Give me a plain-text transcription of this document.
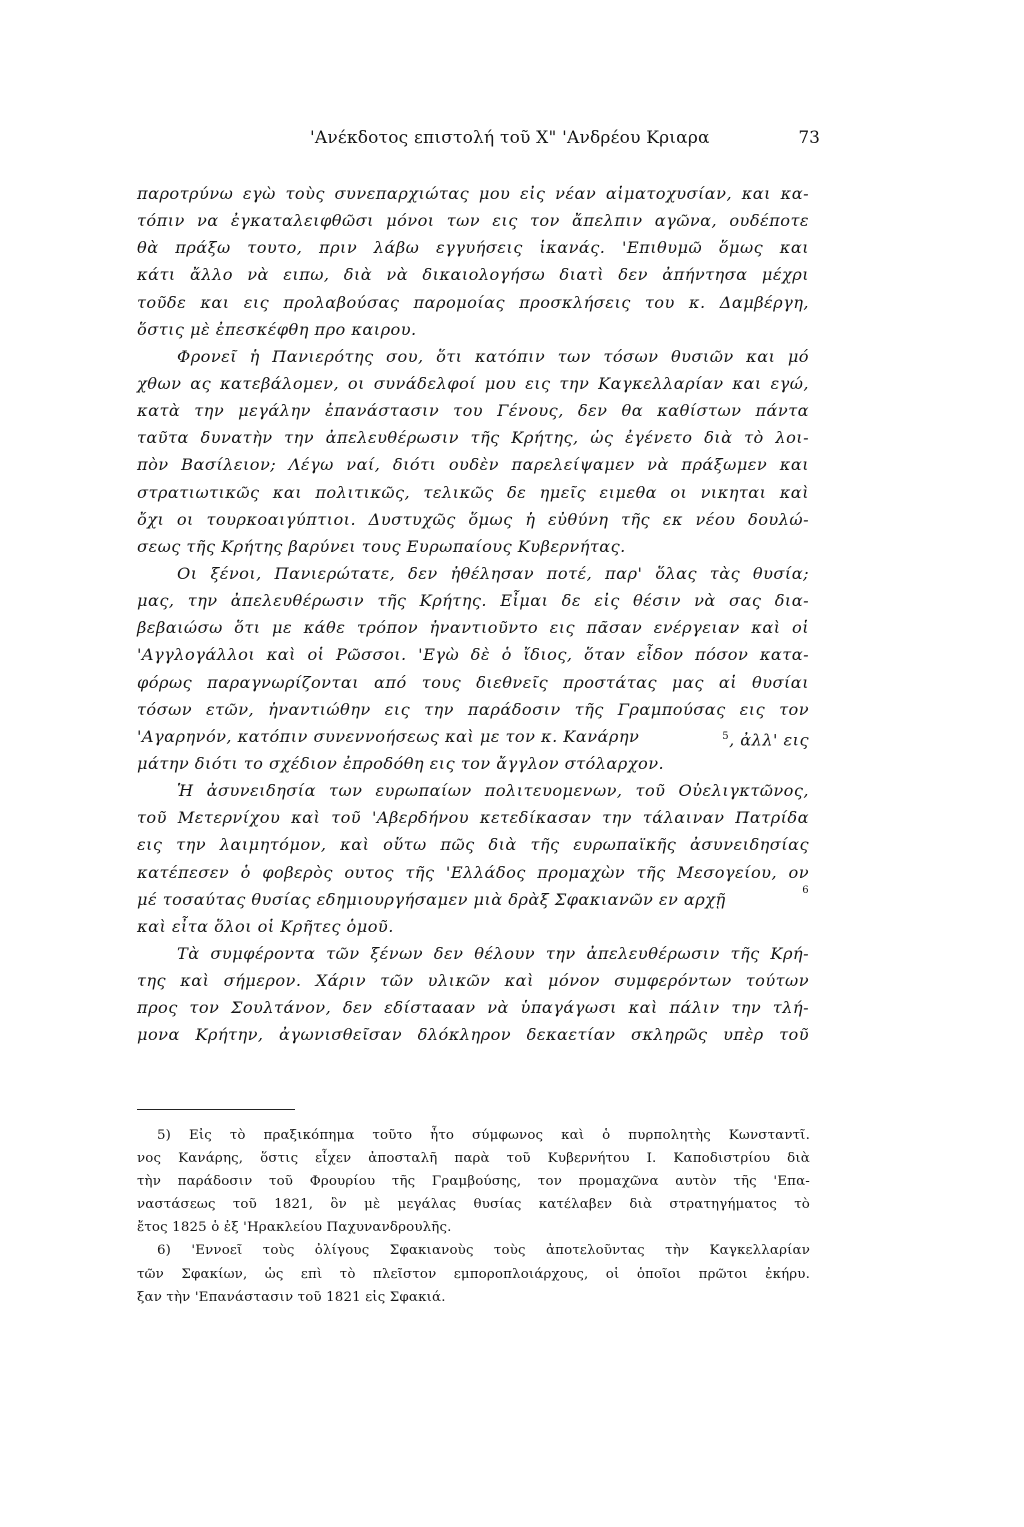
'Ανέκδοτος επιστολή τοῦ Χ" 'Ανδρέου Κριαρα	73
παροτρύνω εγὼ τοὺς συνεπαρχιώτας μου εἰς νέαν αἱματοχυσίαν, και κα-
τόπιν να ἐγκαταλειφθῶσι μόνοι των εις τον ἄπελπιν αγῶνα, ουδέποτε
θὰ πράξω τουτο, πριν λάβω εγγυήσεις ἱκανάς. 'Επιθυμῶ ὅμως και
κάτι ἄλλο νὰ ειπω, διὰ νὰ δικαιολογήσω διατὶ δεν ἀπήντησα μέχρι
τοῦδε και εις προλαβούσας παρομοίας προσκλήσεις του κ. Δαμβέργη,
ὅστις μὲ ἐπεσκέφθη προ καιρου.
Φρονεῖ ἡ Πανιερότης σου, ὅτι κατόπιν των τόσων θυσιῶν και μό
χθων ας κατεβάλομεν, οι συνάδελφοί μου εις την Καγκελλαρίαν και εγώ,
κατὰ την μεγάλην ἐπανάστασιν του Γένους, δεν θα καθίστων πάντα
ταῦτα δυνατὴν την ἀπελευθέρωσιν τῆς Κρήτης, ὡς ἐγένετο διὰ τὸ λοι-
πὸν Βασίλειον; Λέγω ναί, διότι ουδὲν παρελείψαμεν νὰ πράξωμεν και
στρατιωτικῶς και πολιτικῶς, τελικῶς δε ημεῖς ειμεθα οι νικηται καὶ
ὄχι οι τουρκοαιγύπτιοι. Δυστυχῶς ὅμως ἡ εὐθύνη τῆς εκ νέου δουλώ-
σεως τῆς Κρήτης βαρύνει τους Ευρωπαίους Κυβερνήτας.
Οι ξένοι, Πανιερώτατε, δεν ἠθέλησαν ποτέ, παρ' ὅλας τὰς θυσία;
μας, την ἀπελευθέρωσιν τῆς Κρήτης. Εἶμαι δε εἰς θέσιν νὰ σας δια-
βεβαιώσω ὅτι με κάθε τρόπον ἠναντιοῦντο εις πᾶσαν ενέργειαν καὶ οἱ
'Αγγλογάλλοι καὶ οἱ Ρῶσσοι. 'Εγὼ δὲ ὁ ἴδιος, ὅταν εἶδον πόσον κατα-
φόρως παραγνωρίζονται από τους διεθνεῖς προστάτας μας αἱ θυσίαι
τόσων ετῶν, ἠναντιώθην εις την παράδοσιν τῆς Γραμπούσας εις τον
'Αγαρηνόν, κατόπιν συνεννοήσεως καὶ με τον κ. Κανάρην	$^5$, ἀλλ' εις
μάτην διότι το σχέδιον ἐπροδόθη εις τον ἄγγλον στόλαρχον.
Ἡ ἀσυνειδησία των ευρωπαίων πολιτευομενων, τοῦ Οὐελιγκτῶνος,
τοῦ Μετερνίχου καὶ τοῦ 'Αβερδήνου κετεδίκασαν την τάλαιναν Πατρίδα
εις την λαιμητόμον, καὶ οὕτω πῶς διὰ τῆς ευρωπαϊκῆς ἀσυνειδησίας
κατέπεσεν ὁ φοβερὸς ουτος τῆς 'Ελλάδος προμαχὼν τῆς Μεσογείου, ον
μέ τοσαύτας θυσίας εδημιουργήσαμεν μιὰ δρὰξ Σφακιανῶν εν αρχῇ	6
καὶ εἶτα ὅλοι οἱ Κρῆτες ὁμοῦ.
Τὰ συμφέροντα τῶν ξένων δεν θέλουν την ἀπελευθέρωσιν τῆς Κρή-
της καὶ σήμερον. Χάριν τῶν υλικῶν καὶ μόνον συμφερόντων τούτων
προς τον Σουλτάνον, δεν εδίσταααν νὰ ὑπαγάγωσι καὶ πάλιν την τλή-
μονα Κρήτην, ἀγωνισθεῖσαν δλόκληρον δεκαετίαν σκληρῶς υπὲρ τοῦ
5) Εἰς τὸ πραξικόπημα τοῦτο ἦτο σύμφωνος καὶ ὁ πυρπολητὴς Κωνσταντῖ.
νος Κανάρης, ὅστις εἶχεν ἀποσταλῆ παρὰ τοῦ Κυβερνήτου Ι. Καποδιστρίου διὰ
τὴν παράδοσιν τοῦ Φρουρίου τῆς Γραμβούσης, τον προμαχῶνα αυτὸν τῆς 'Επα-
ναστάσεως τοῦ 1821, ὃν μὲ μεγάλας θυσίας κατέλαβεν διὰ στρατηγήματος τὸ
ἔτος 1825 ὁ ἐξ 'Ηρακλείου Παχυνανδρουλῆς.
6) 'Εννοεῖ τοὺς ὀλίγους Σφακιανοὺς τοὺς ἀποτελοῦντας τὴν Καγκελλαρίαν
τῶν Σφακίων, ὡς επὶ τὸ πλεῖστον εμποροπλοιάρχους, οἱ ὁποῖοι πρῶτοι ἐκήρυ.
ξαν τὴν 'Επανάστασιν τοῦ 1821 εἰς Σφακιά.
